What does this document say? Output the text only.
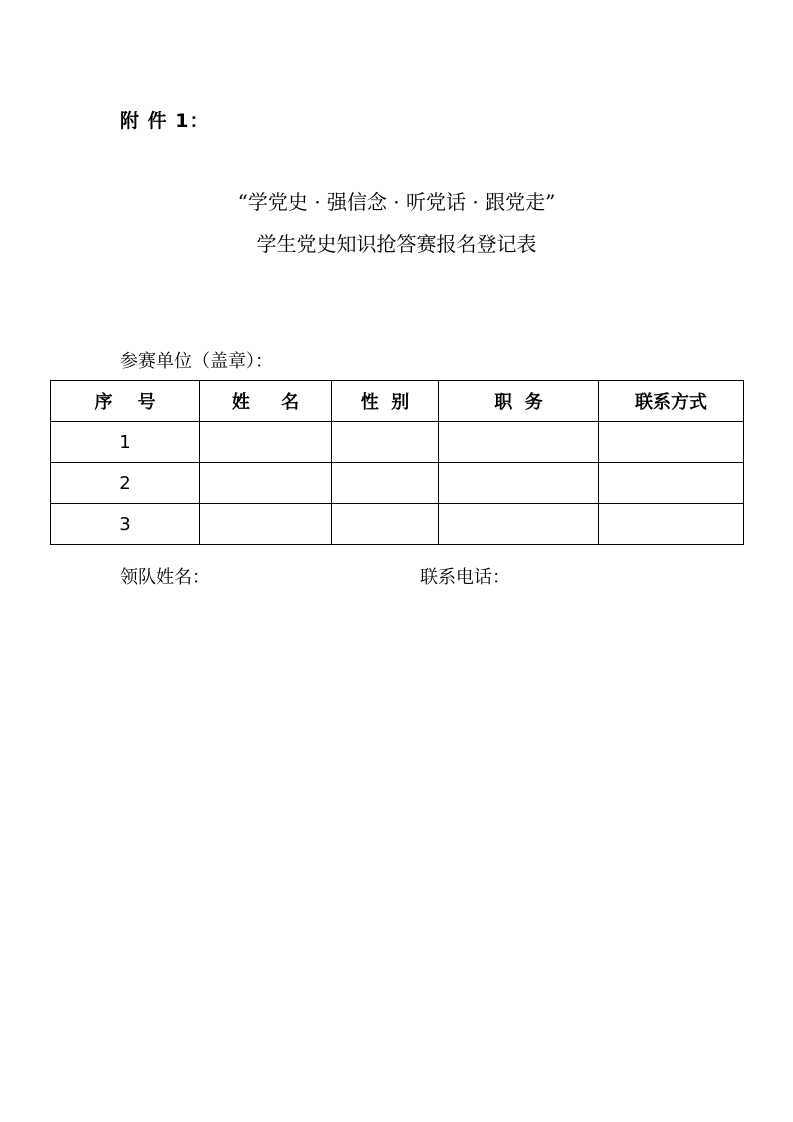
附 件 1：
“学党史 · 强信念 · 听党话 · 跟党走”
学生党史知识抢答赛报名登记表
参赛单位（盖章）：
序    号	姓     名	性  别	职  务	联系方式
1				
2				
3				
领队姓名：	联系电话：
